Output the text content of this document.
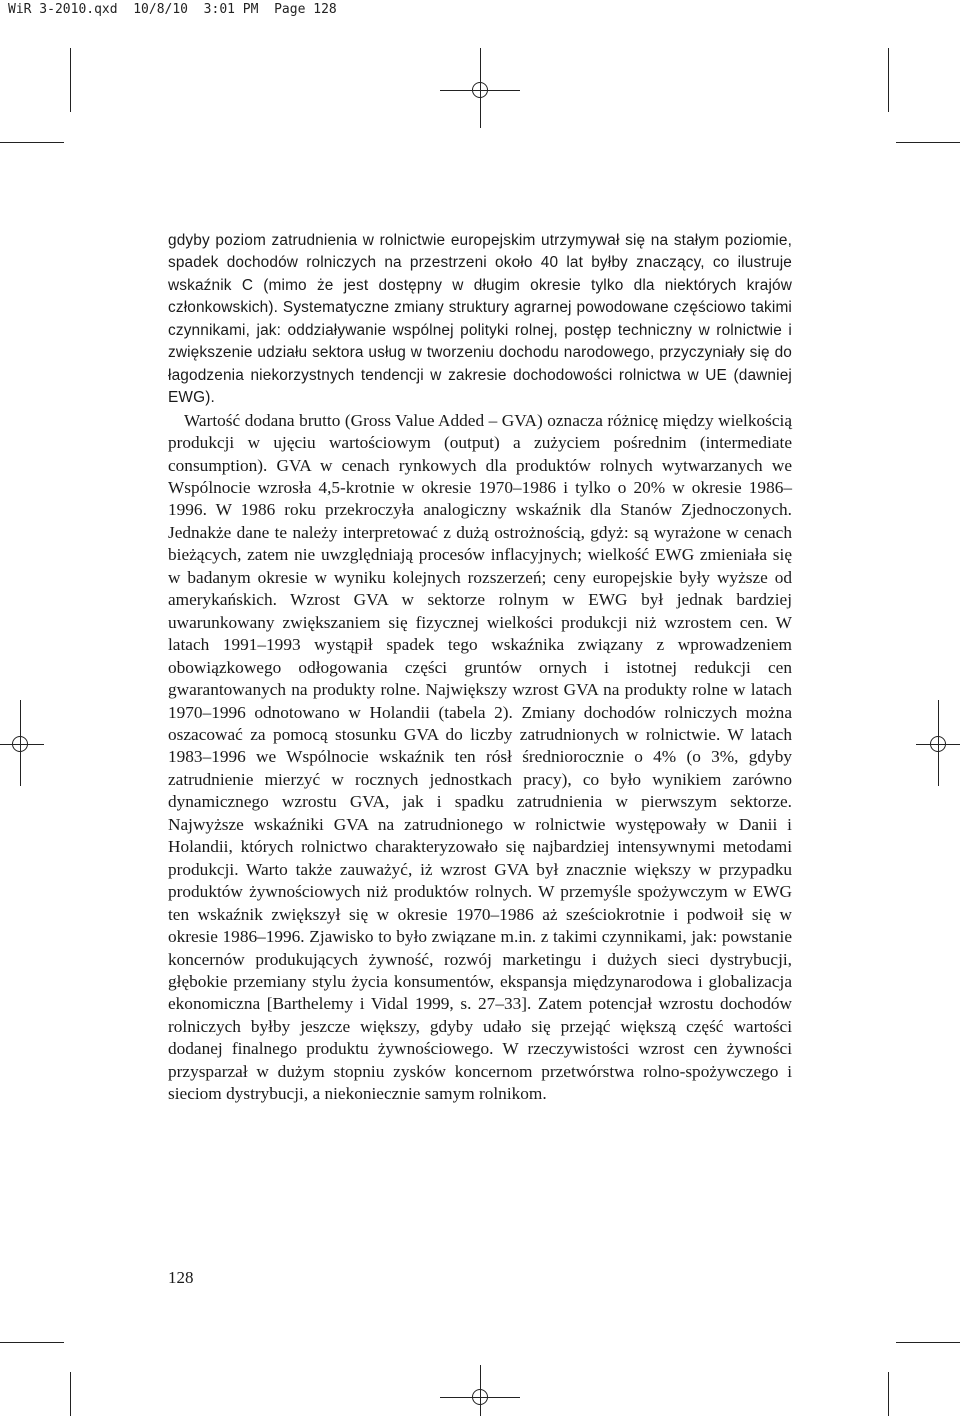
WiR 3-2010.qxd  10/8/10  3:01 PM  Page 128

gdyby poziom zatrudnienia w rolnictwie europejskim utrzymywał się na stałym poziomie, spadek dochodów rolniczych na przestrzeni około 40 lat byłby znaczący, co ilustruje wskaźnik C (mimo że jest dostępny w długim okresie tylko dla niektórych krajów członkowskich). Systematyczne zmiany struktury agrarnej powodowane częściowo takimi czynnikami, jak: oddziaływanie wspólnej polityki rolnej, postęp techniczny w rolnictwie i zwiększenie udziału sektora usług w tworzeniu dochodu narodowego, przyczyniały się do łagodzenia niekorzystnych tendencji w zakresie dochodowości rolnictwa w UE (dawniej EWG).

Wartość dodana brutto (Gross Value Added – GVA) oznacza różnicę między wielkością produkcji w ujęciu wartościowym (output) a zużyciem pośrednim (intermediate consumption). GVA w cenach rynkowych dla produktów rolnych wytwarzanych we Wspólnocie wzrosła 4,5-krotnie w okresie 1970–1986 i tylko o 20% w okresie 1986–1996. W 1986 roku przekroczyła analogiczny wskaźnik dla Stanów Zjednoczonych. Jednakże dane te należy interpretować z dużą ostrożnością, gdyż: są wyrażone w cenach bieżących, zatem nie uwzględniają procesów inflacyjnych; wielkość EWG zmieniała się w badanym okresie w wyniku kolejnych rozszerzeń; ceny europejskie były wyższe od amerykańskich. Wzrost GVA w sektorze rolnym w EWG był jednak bardziej uwarunkowany zwiększaniem się fizycznej wielkości produkcji niż wzrostem cen. W latach 1991–1993 wystąpił spadek tego wskaźnika związany z wprowadzeniem obowiązkowego odłogowania części gruntów ornych i istotnej redukcji cen gwarantowanych na produkty rolne. Największy wzrost GVA na produkty rolne w latach 1970–1996 odnotowano w Holandii (tabela 2). Zmiany dochodów rolniczych można oszacować za pomocą stosunku GVA do liczby zatrudnionych w rolnictwie. W latach 1983–1996 we Wspólnocie wskaźnik ten rósł średniorocznie o 4% (o 3%, gdyby zatrudnienie mierzyć w rocznych jednostkach pracy), co było wynikiem zarówno dynamicznego wzrostu GVA, jak i spadku zatrudnienia w pierwszym sektorze. Najwyższe wskaźniki GVA na zatrudnionego w rolnictwie występowały w Danii i Holandii, których rolnictwo charakteryzowało się najbardziej intensywnymi metodami produkcji. Warto także zauważyć, iż wzrost GVA był znacznie większy w przypadku produktów żywnościowych niż produktów rolnych. W przemyśle spożywczym w EWG ten wskaźnik zwiększył się w okresie 1970–1986 aż sześciokrotnie i podwoił się w okresie 1986–1996. Zjawisko to było związane m.in. z takimi czynnikami, jak: powstanie koncernów produkujących żywność, rozwój marketingu i dużych sieci dystrybucji, głębokie przemiany stylu życia konsumentów, ekspansja międzynarodowa i globalizacja ekonomiczna [Barthelemy i Vidal 1999, s. 27–33]. Zatem potencjał wzrostu dochodów rolniczych byłby jeszcze większy, gdyby udało się przejąć większą część wartości dodanej finalnego produktu żywnościowego. W rzeczywistości wzrost cen żywności przysparzał w dużym stopniu zysków koncernom przetwórstwa rolno-spożywczego i sieciom dystrybucji, a niekoniecznie samym rolnikom.

128
